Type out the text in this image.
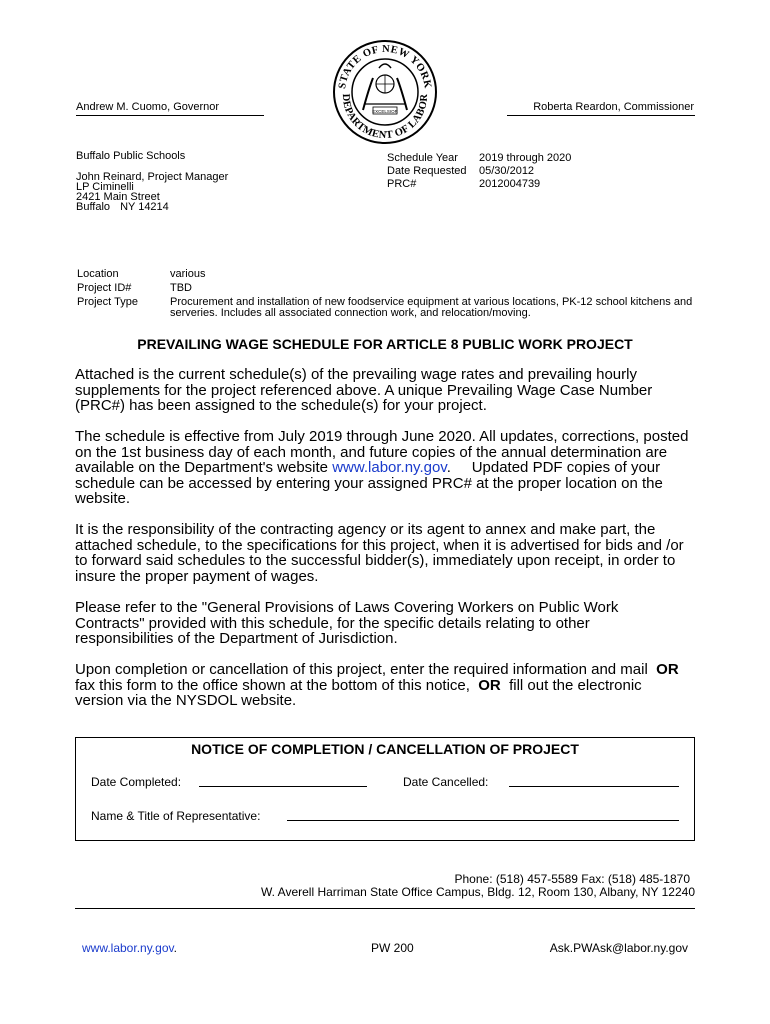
Andrew M. Cuomo, Governor
STATE OF NEW YORK
DEPARTMENT OF LABOR
EXCELSIOR	Roberta Reardon, Commissioner
Buffalo Public Schools
John Reinard, Project Manager
LP Ciminelli
2421 Main Street
Buffalo NY 14214
Schedule Year 2019 through 2020
Date Requested 05/30/2012
PRC#	2012004739
Location	various
Project ID#	TBD
Project Type	Procurement and installation of new foodservice equipment at various locations, PK-12 school kitchens and
serveries. Includes all associated connection work, and relocation/moving.
PREVAILING WAGE SCHEDULE FOR ARTICLE 8 PUBLIC WORK PROJECT
Attached is the current schedule(s) of the prevailing wage rates and prevailing hourly
supplements for the project referenced above. A unique Prevailing Wage Case Number
(PRC#) has been assigned to the schedule(s) for your project.
The schedule is effective from July 2019 through June 2020. All updates, corrections, posted
on the 1st business day of each month, and future copies of the annual determination are
available on the Department's website www.labor.ny.gov.     Updated PDF copies of your
schedule can be accessed by entering your assigned PRC# at the proper location on the
website.
It is the responsibility of the contracting agency or its agent to annex and make part, the
attached schedule, to the specifications for this project, when it is advertised for bids and /or
to forward said schedules to the successful bidder(s), immediately upon receipt, in order to
insure the proper payment of wages.
Please refer to the "General Provisions of Laws Covering Workers on Public Work
Contracts" provided with this schedule, for the specific details relating to other
responsibilities of the Department of Jurisdiction.
Upon completion or cancellation of this project, enter the required information and mail  OR
fax this form to the office shown at the bottom of this notice,  OR  fill out the electronic
version via the NYSDOL website.
NOTICE OF COMPLETION / CANCELLATION OF PROJECT
Date Completed:	Date Cancelled:
Name & Title of Representative:
Phone: (518) 457-5589 Fax: (518) 485-1870
W. Averell Harriman State Office Campus, Bldg. 12, Room 130, Albany, NY 12240
www.labor.ny.gov.	PW 200	Ask.PWAsk@labor.ny.gov
